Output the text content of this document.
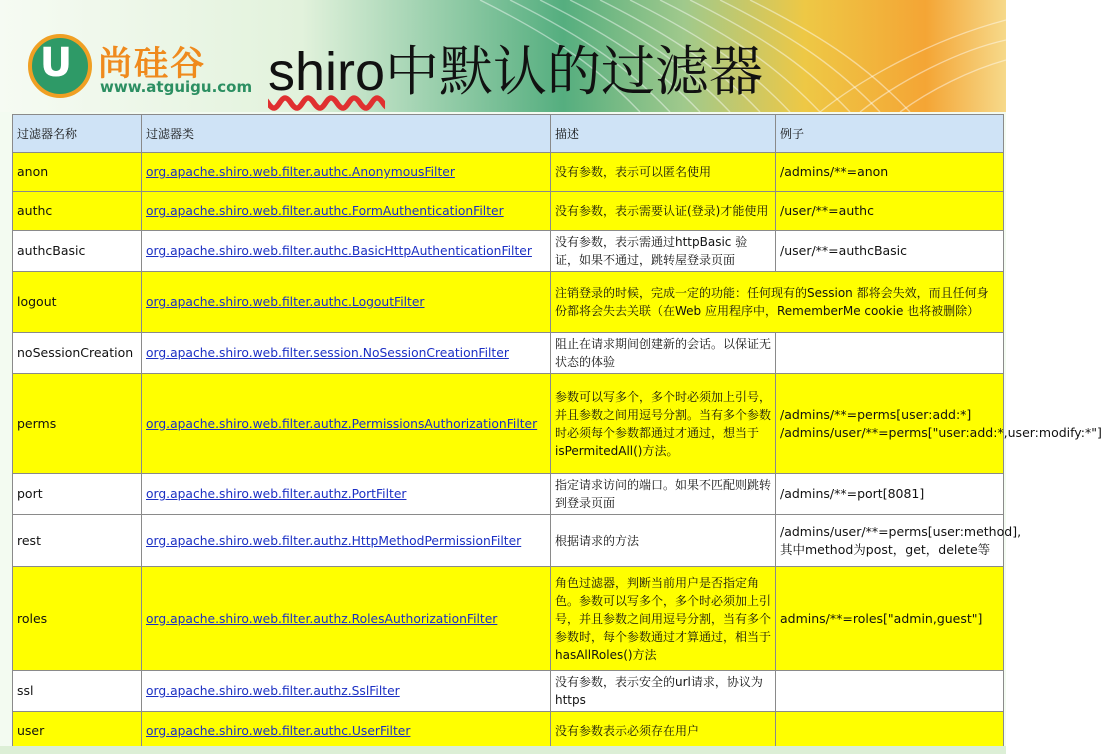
U 尚硅谷
www.atguigu.com shiro中默认的过滤器
过滤器名称	过滤器类	描述	例子
anon	org.apache.shiro.web.filter.authc.AnonymousFilter	没有参数，表示可以匿名使用	/admins/**=anon
authc	org.apache.shiro.web.filter.authc.FormAuthenticationFilter	没有参数，表示需要认证(登录)才能使用	/user/**=authc
authcBasic	org.apache.shiro.web.filter.authc.BasicHttpAuthenticationFilter	没有参数，表示需通过httpBasic 验证，如果不通过，跳转屋登录页面	/user/**=authcBasic
logout	org.apache.shiro.web.filter.authc.LogoutFilter	注销登录的时候，完成一定的功能：任何现有的Session 都将会失效，而且任何身份都将会失去关联（在Web 应用程序中，RememberMe cookie 也将被删除）	
noSessionCreation	org.apache.shiro.web.filter.session.NoSessionCreationFilter	阻止在请求期间创建新的会话。以保证无状态的体验	
perms	org.apache.shiro.web.filter.authz.PermissionsAuthorizationFilter	参数可以写多个，多个时必须加上引号，并且参数之间用逗号分割。当有多个参数时必须每个参数都通过才通过，想当于isPermitedAll()方法。	/admins/**=perms[user:add:*]
/admins/user/**=perms["user:add:*,user:modify:*"]
port	org.apache.shiro.web.filter.authz.PortFilter	指定请求访问的端口。如果不匹配则跳转到登录页面	/admins/**=port[8081]
rest	org.apache.shiro.web.filter.authz.HttpMethodPermissionFilter	根据请求的方法	/admins/user/**=perms[user:method],其中method为post，get，delete等
roles	org.apache.shiro.web.filter.authz.RolesAuthorizationFilter	角色过滤器，判断当前用户是否指定角色。参数可以写多个，多个时必须加上引号，并且参数之间用逗号分割，当有多个参数时，每个参数通过才算通过，相当于hasAllRoles()方法	admins/**=roles["admin,guest"]
ssl	org.apache.shiro.web.filter.authz.SslFilter	没有参数，表示安全的url请求，协议为 https	
user	org.apache.shiro.web.filter.authc.UserFilter	没有参数表示必须存在用户	
